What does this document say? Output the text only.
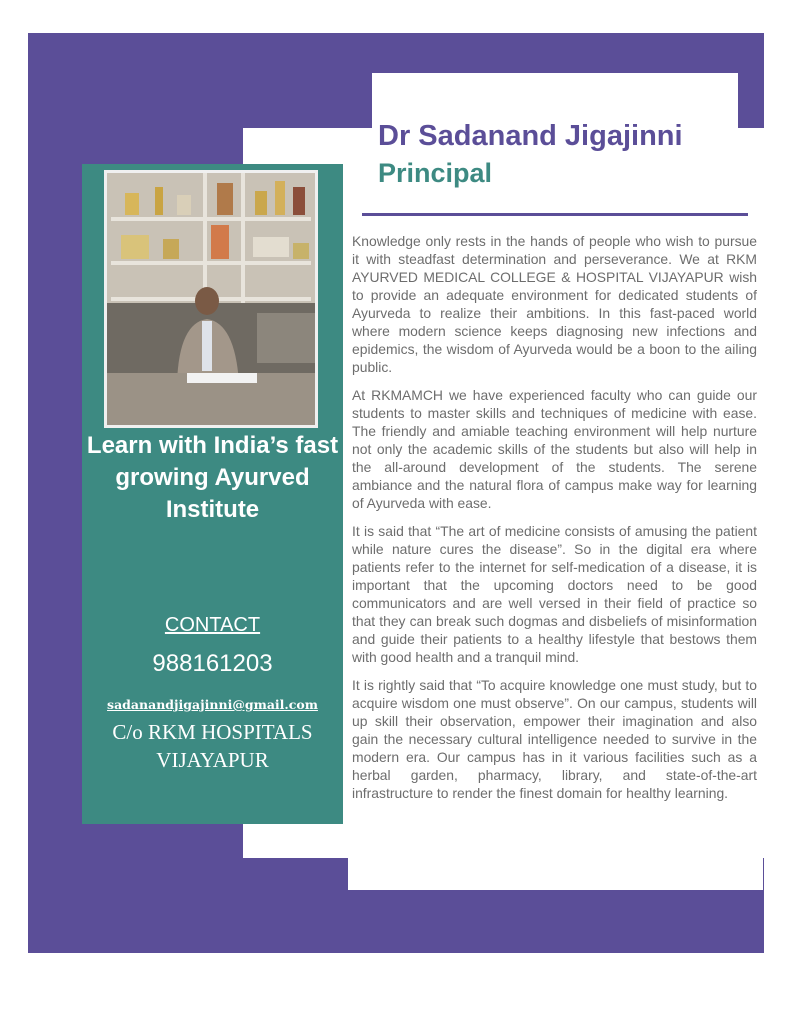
Learn with India’s fast growing Ayurved Institute

CONTACT
988161203
sadanandjigajinni@gmail.com
C/o RKM HOSPITALS
VIJAYAPUR
Dr Sadanand Jigajinni
Principal

Knowledge only rests in the hands of people who wish to pursue it with steadfast determination and perseverance. We at RKM AYURVED MEDICAL COLLEGE & HOSPITAL VIJAYAPUR wish to provide an adequate environment for dedicated students of Ayurveda to realize their ambitions. In this fast-paced world where modern science keeps diagnosing new infections and epidemics, the wisdom of Ayurveda would be a boon to the ailing public.

At RKMAMCH we have experienced faculty who can guide our students to master skills and techniques of medicine with ease. The friendly and amiable teaching environment will help nurture not only the academic skills of the students but also will help in the all-around development of the students. The serene ambiance and the natural flora of campus make way for learning of Ayurveda with ease.

It is said that “The art of medicine consists of amusing the patient while nature cures the disease”. So in the digital era where patients refer to the internet for self-medication of a disease, it is important that the upcoming doctors need to be good communicators and are well versed in their field of practice so that they can break such dogmas and disbeliefs of misinformation and guide their patients to a healthy lifestyle that bestows them with good health and a tranquil mind.

It is rightly said that “To acquire knowledge one must study, but to acquire wisdom one must observe”. On our campus, students will up skill their observation, empower their imagination and also gain the necessary cultural intelligence needed to survive in the modern era. Our campus has in it various facilities such as a herbal garden, pharmacy, library, and state-of-the-art infrastructure to render the finest domain for healthy learning.
